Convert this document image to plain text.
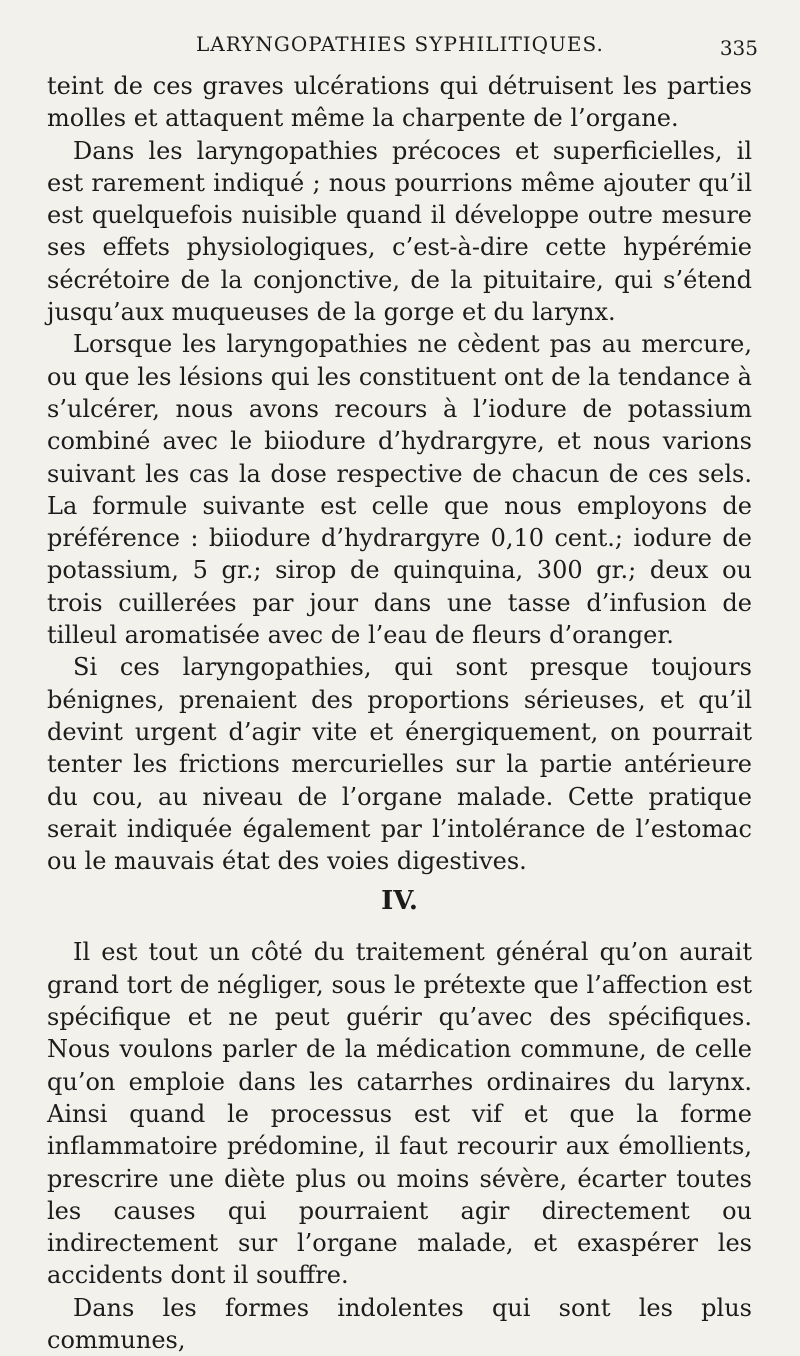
LARYNGOPATHIES SYPHILITIQUES.	335

teint de ces graves ulcérations qui détruisent les parties molles et attaquent même la charpente de l’organe.

Dans les laryngopathies précoces et superficielles, il est rarement indiqué ; nous pourrions même ajouter qu’il est quelquefois nuisible quand il développe outre mesure ses effets physiologiques, c’est-à-dire cette hypérémie sécrétoire de la conjonctive, de la pituitaire, qui s’étend jusqu’aux muqueuses de la gorge et du larynx.

Lorsque les laryngopathies ne cèdent pas au mercure, ou que les lésions qui les constituent ont de la tendance à s’ulcérer, nous avons recours à l’iodure de potassium combiné avec le biiodure d’hydrargyre, et nous varions suivant les cas la dose respective de chacun de ces sels. La formule suivante est celle que nous employons de préférence : biiodure d’hydrargyre 0,10 cent.; iodure de potassium, 5 gr.; sirop de quinquina, 300 gr.; deux ou trois cuillerées par jour dans une tasse d’infusion de tilleul aromatisée avec de l’eau de fleurs d’oranger.

Si ces laryngopathies, qui sont presque toujours bénignes, prenaient des proportions sérieuses, et qu’il devint urgent d’agir vite et énergiquement, on pourrait tenter les frictions mercurielles sur la partie antérieure du cou, au niveau de l’organe malade. Cette pratique serait indiquée également par l’intolérance de l’estomac ou le mauvais état des voies digestives.

IV.

Il est tout un côté du traitement général qu’on aurait grand tort de négliger, sous le prétexte que l’affection est spécifique et ne peut guérir qu’avec des spécifiques. Nous voulons parler de la médication commune, de celle qu’on emploie dans les catarrhes ordinaires du larynx. Ainsi quand le processus est vif et que la forme inflammatoire prédomine, il faut recourir aux émollients, prescrire une diète plus ou moins sévère, écarter toutes les causes qui pourraient agir directement ou indirectement sur l’organe malade, et exaspérer les accidents dont il souffre.

Dans les formes indolentes qui sont les plus communes,
